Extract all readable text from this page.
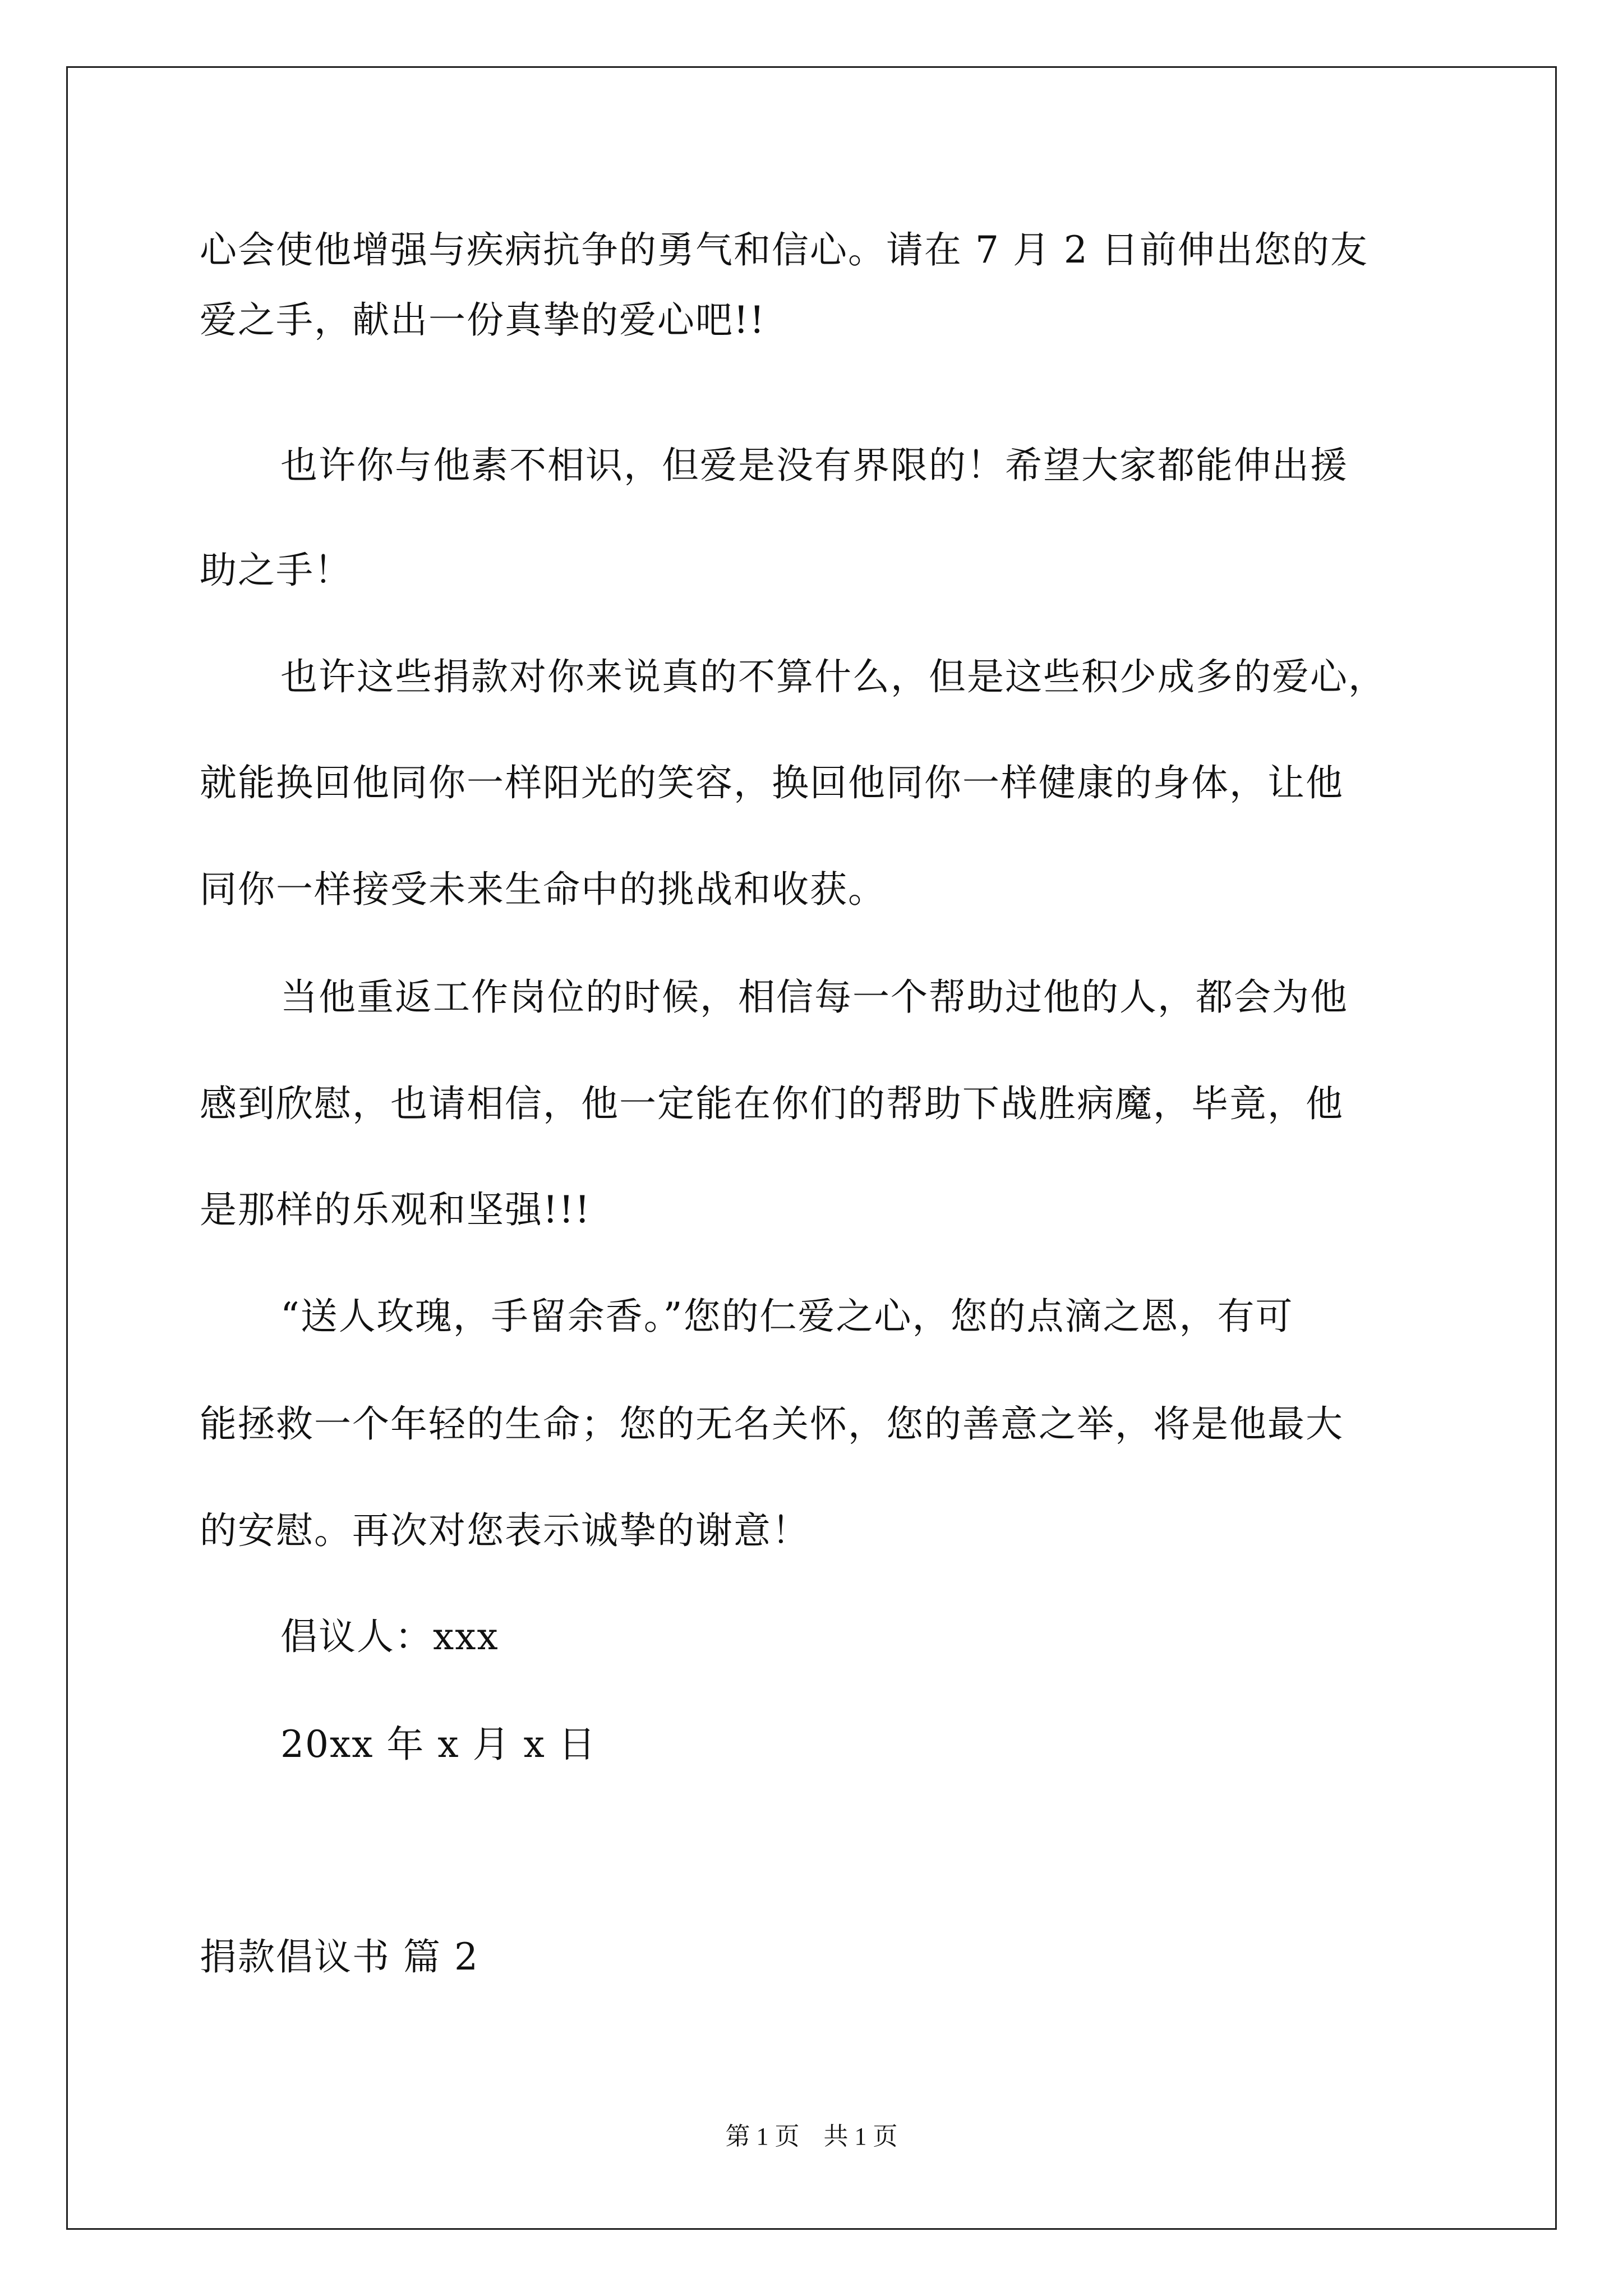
心会使他增强与疾病抗争的勇气和信心。请在 7 月 2 日前伸出您的友
爱之手，献出一份真挚的爱心吧!!
也许你与他素不相识，但爱是没有界限的！希望大家都能伸出援
助之手！
也许这些捐款对你来说真的不算什么，但是这些积少成多的爱心，
就能换回他同你一样阳光的笑容，换回他同你一样健康的身体，让他
同你一样接受未来生命中的挑战和收获。
当他重返工作岗位的时候，相信每一个帮助过他的人，都会为他
感到欣慰，也请相信，他一定能在你们的帮助下战胜病魔，毕竟，他
是那样的乐观和坚强!!!
“送人玫瑰，手留余香。”您的仁爱之心，您的点滴之恩，有可
能拯救一个年轻的生命；您的无名关怀，您的善意之举，将是他最大
的安慰。再次对您表示诚挚的谢意！
倡议人：xxx
20xx 年 x 月 x 日
捐款倡议书 篇 2
第 1 页 共 1 页
